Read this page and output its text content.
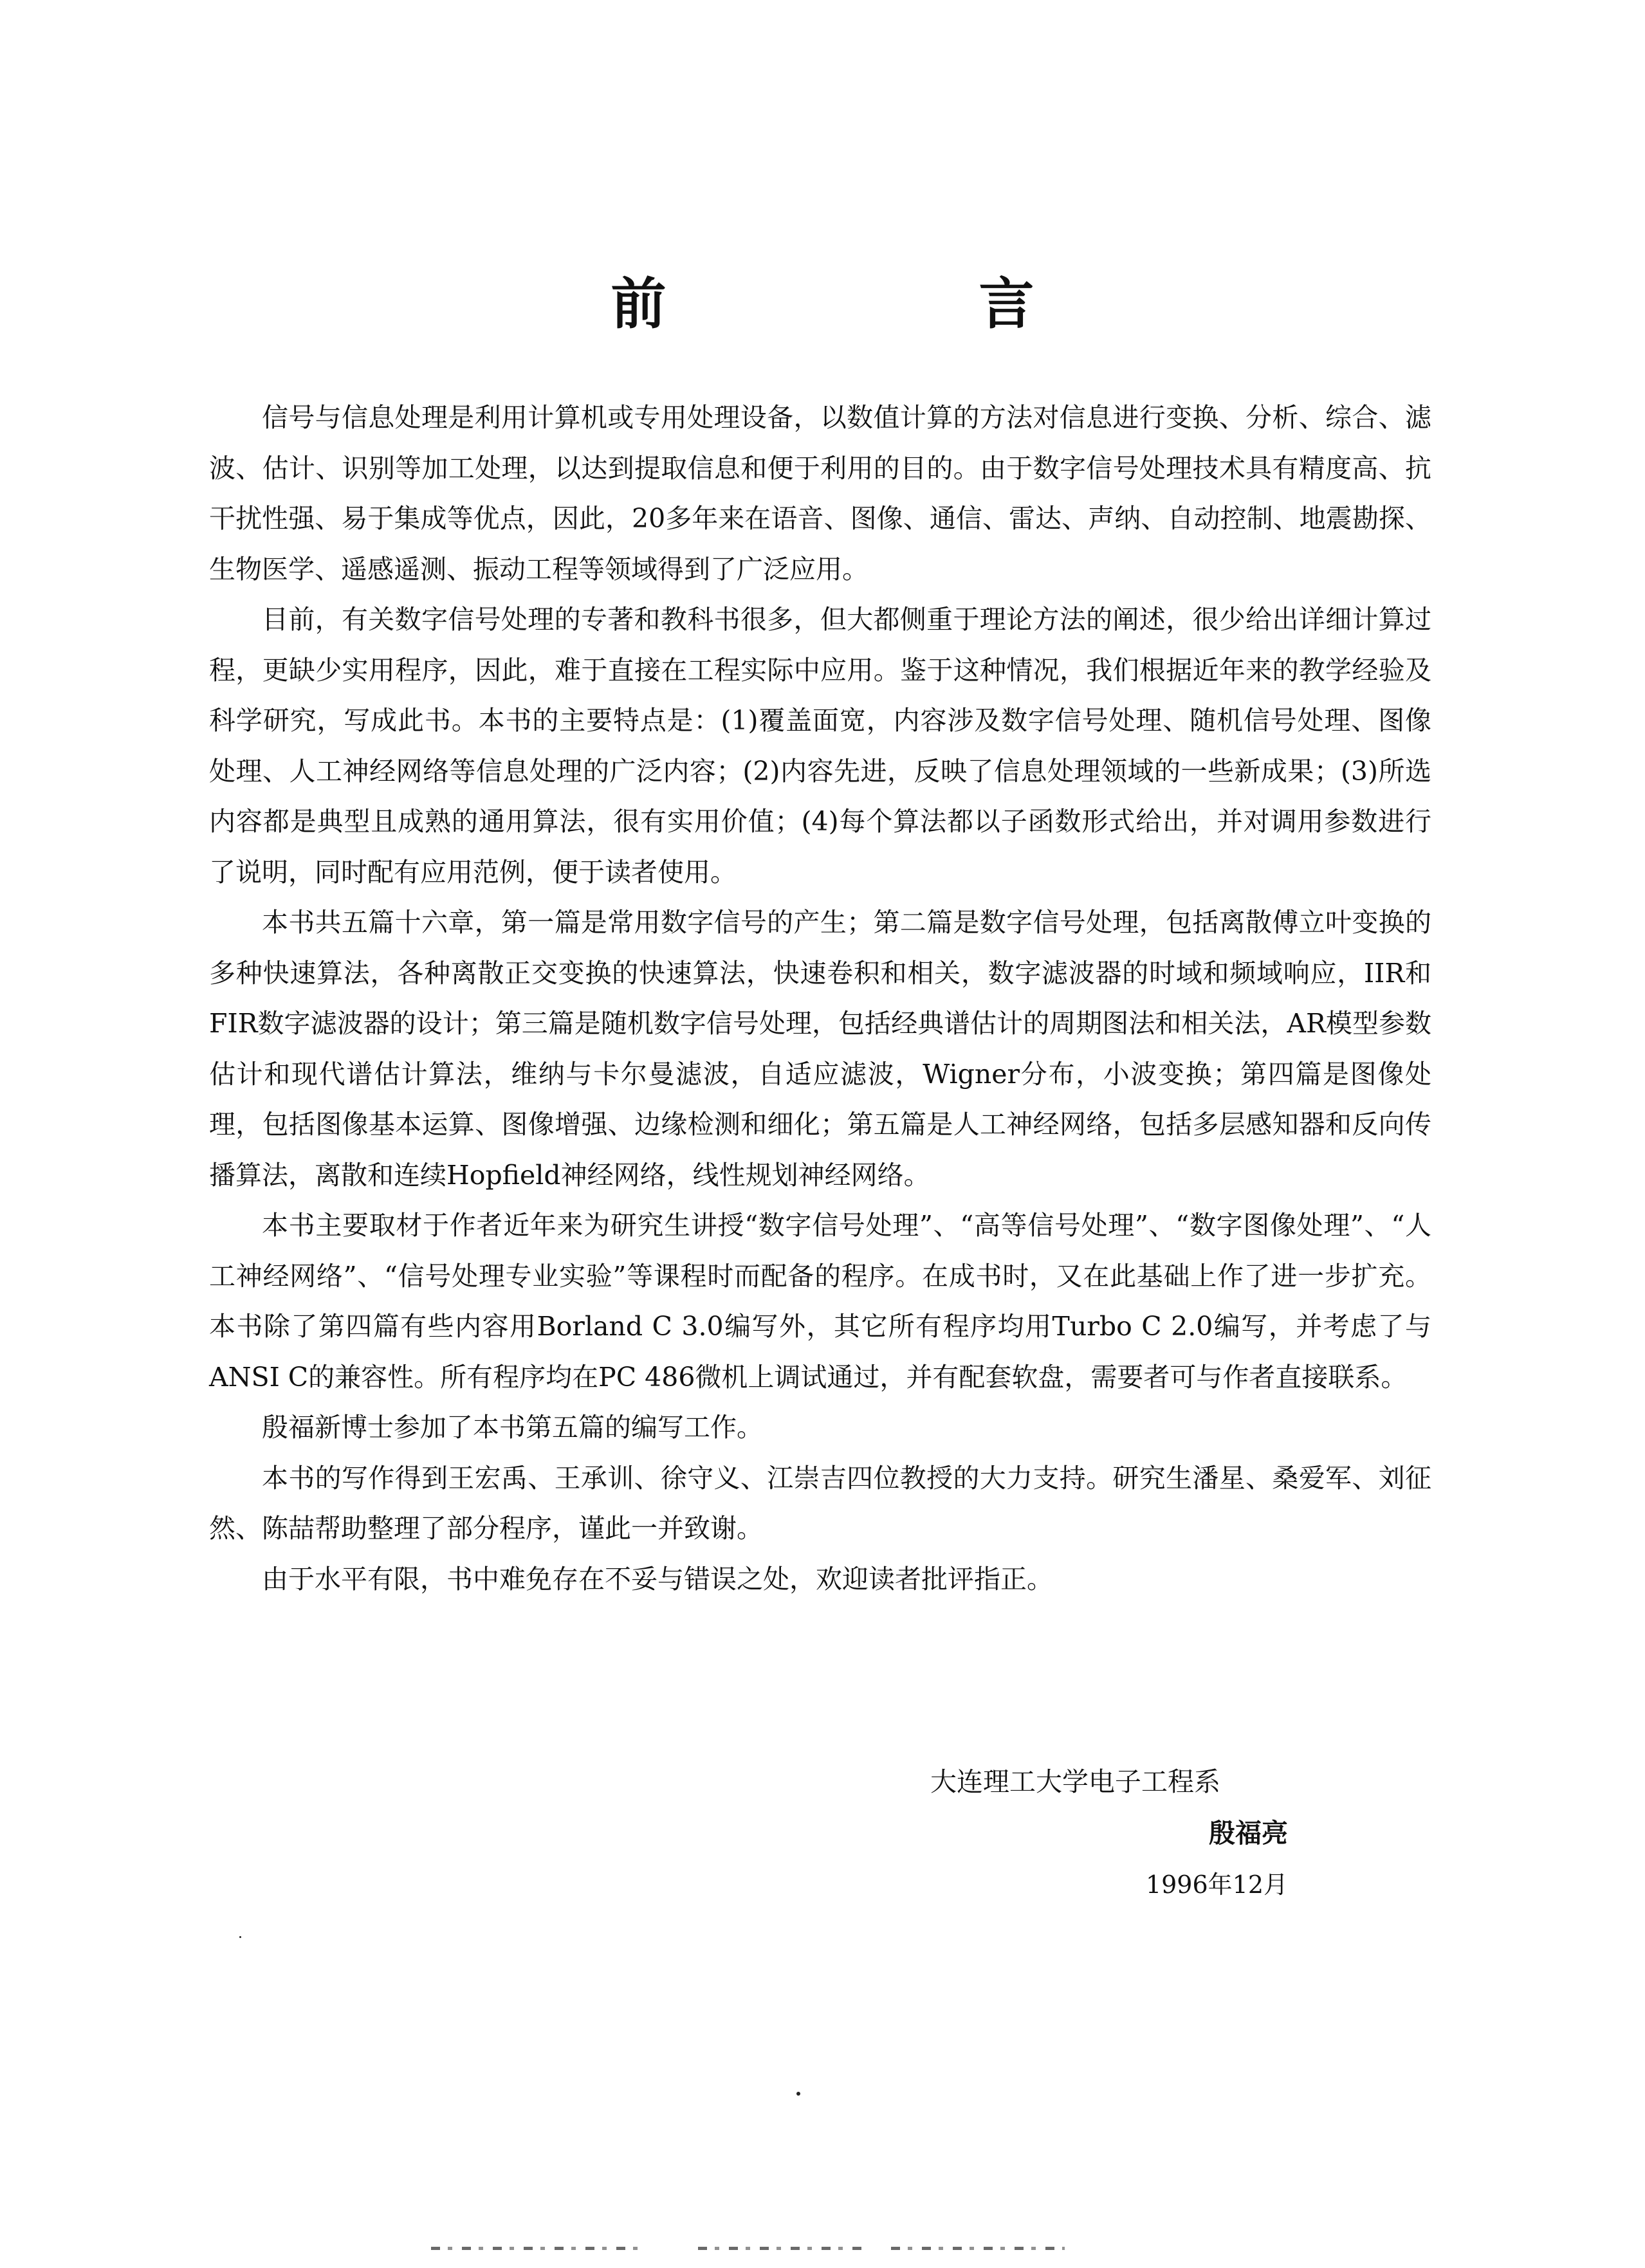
前　言

信号与信息处理是利用计算机或专用处理设备，以数值计算的方法对信息进行变换、分析、综合、滤波、估计、识别等加工处理，以达到提取信息和便于利用的目的。由于数字信号处理技术具有精度高、抗干扰性强、易于集成等优点，因此，20多年来在语音、图像、通信、雷达、声纳、自动控制、地震勘探、生物医学、遥感遥测、振动工程等领域得到了广泛应用。

目前，有关数字信号处理的专著和教科书很多，但大都侧重于理论方法的阐述，很少给出详细计算过程，更缺少实用程序，因此，难于直接在工程实际中应用。鉴于这种情况，我们根据近年来的教学经验及科学研究，写成此书。本书的主要特点是：(1)覆盖面宽，内容涉及数字信号处理、随机信号处理、图像处理、人工神经网络等信息处理的广泛内容；(2)内容先进，反映了信息处理领域的一些新成果；(3)所选内容都是典型且成熟的通用算法，很有实用价值；(4)每个算法都以子函数形式给出，并对调用参数进行了说明，同时配有应用范例，便于读者使用。

本书共五篇十六章，第一篇是常用数字信号的产生；第二篇是数字信号处理，包括离散傅立叶变换的多种快速算法，各种离散正交变换的快速算法，快速卷积和相关，数字滤波器的时域和频域响应，IIR和FIR数字滤波器的设计；第三篇是随机数字信号处理，包括经典谱估计的周期图法和相关法，AR模型参数估计和现代谱估计算法，维纳与卡尔曼滤波，自适应滤波，Wigner分布，小波变换；第四篇是图像处理，包括图像基本运算、图像增强、边缘检测和细化；第五篇是人工神经网络，包括多层感知器和反向传播算法，离散和连续Hopfield神经网络，线性规划神经网络。

本书主要取材于作者近年来为研究生讲授“数字信号处理”、“高等信号处理”、“数字图像处理”、“人工神经网络”、“信号处理专业实验”等课程时而配备的程序。在成书时，又在此基础上作了进一步扩充。本书除了第四篇有些内容用Borland C 3.0编写外，其它所有程序均用Turbo C 2.0编写，并考虑了与ANSI C的兼容性。所有程序均在PC 486微机上调试通过，并有配套软盘，需要者可与作者直接联系。

殷福新博士参加了本书第五篇的编写工作。

本书的写作得到王宏禹、王承训、徐守义、江崇吉四位教授的大力支持。研究生潘星、桑爱军、刘征然、陈喆帮助整理了部分程序，谨此一并致谢。

由于水平有限，书中难免存在不妥与错误之处，欢迎读者批评指正。

大连理工大学电子工程系
殷福亮
1996年12月
